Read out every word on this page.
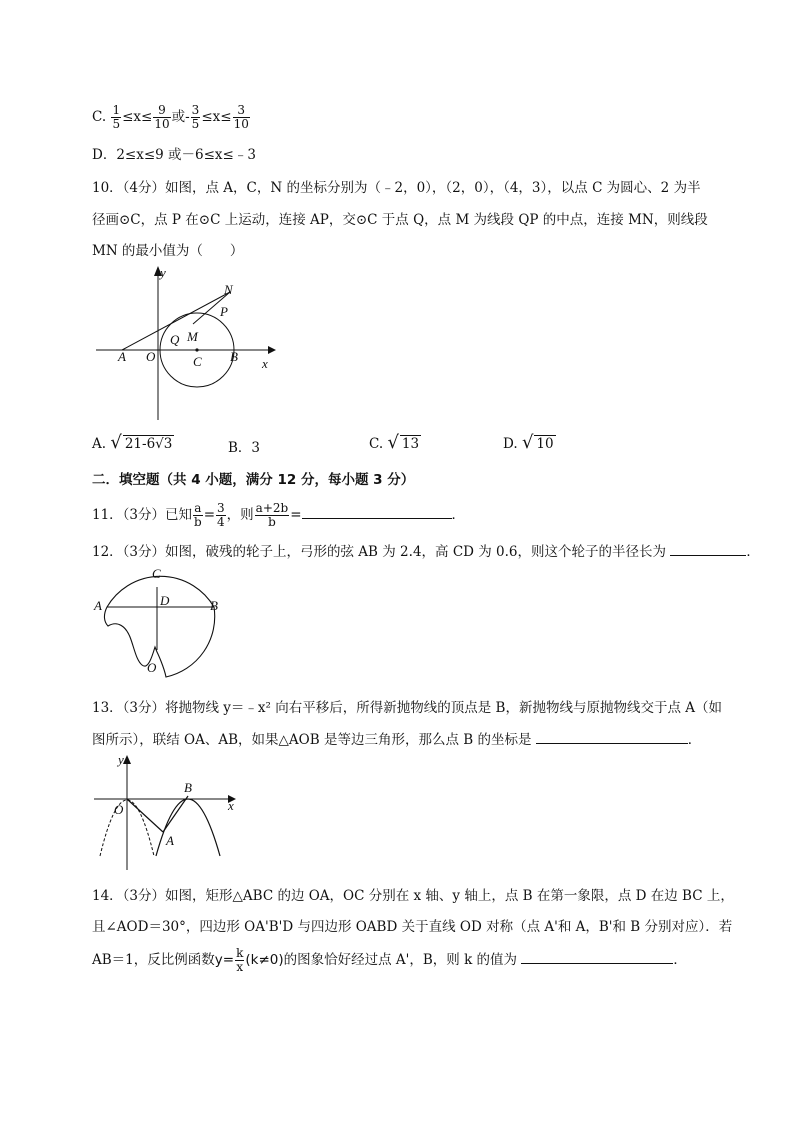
C. $\frac{1}{5} \le x\le \frac{9}{10}$ 或- $\frac{3}{5} \le x\le \frac{3}{10}$
D．2≤x≤9 或－6≤x≤﹣3
10．（4分）如图，点 A，C，N 的坐标分别为（﹣2，0），（2，0），（4，3），以点 C 为圆心、2 为半
径画⊙C，点 P 在⊙C 上运动，连接 AP，交⊙C 于点 Q，点 M 为线段 QP 的中点，连接 MN，则线段
MN 的最小值为（　　）
y
N
P
Q M
A O	C B x
A. √ 21-6√3	B．3	C. √ 13	D. √ 10
二．填空题（共 4 小题，满分 12 分，每小题 3 分）
11．（3分）已知 $\frac{a}{b} = \frac{3}{4}$ ，则 $\frac{a+2b}{b}$ =	．
12．（3分）如图，破残的轮子上，弓形的弦 AB 为 2.4，高 CD 为 0.6，则这个轮子的半径长为	．
C
A	D	B
O
13．（3分）将抛物线 y＝﹣x² 向右平移后，所得新抛物线的顶点是 B，新抛物线与原抛物线交于点 A（如
图所示），联结 OA、AB，如果△AOB 是等边三角形，那么点 B 的坐标是	．
y
B
x
O
A
14．（3分）如图，矩形△ABC 的边 OA，OC 分别在 x 轴、y 轴上，点 B 在第一象限，点 D 在边 BC 上，
且∠AOD＝30°，四边形 OA'B'D 与四边形 OABD 关于直线 OD 对称（点 A'和 A，B'和 B 分别对应）．若
AB＝1，反比例函数$y= \frac{k}{x} (k\ne 0)$的图象恰好经过点 A'，B，则 k 的值为	．
